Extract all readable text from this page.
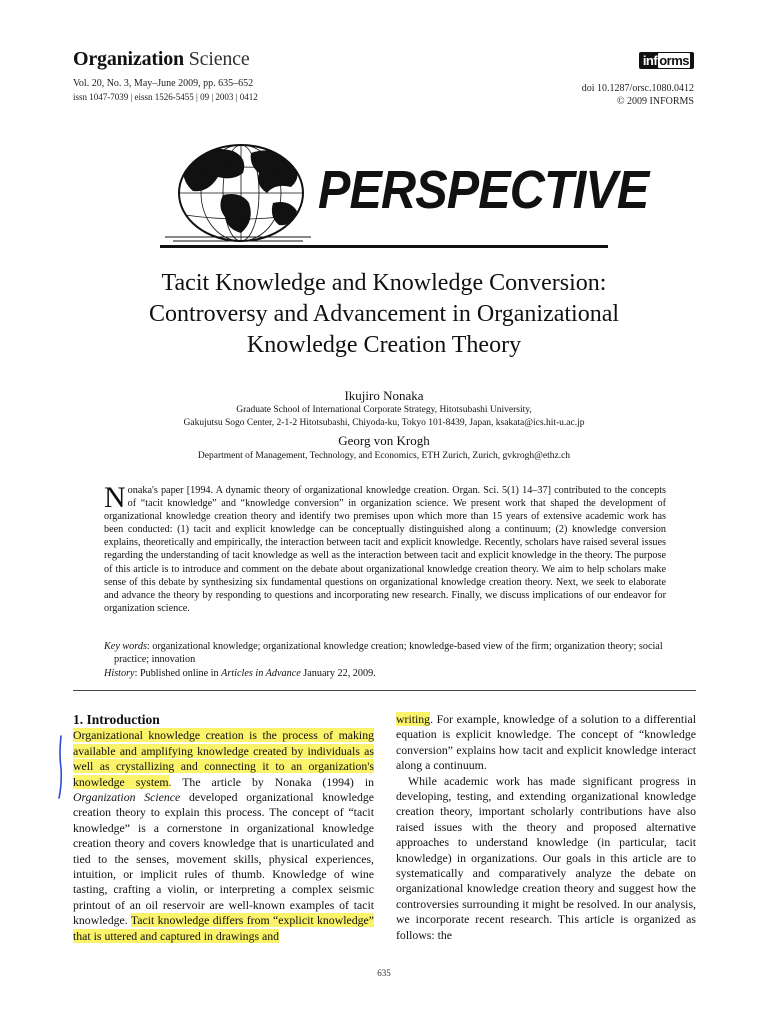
Organization Science
Vol. 20, No. 3, May–June 2009, pp. 635–652
issn 1047-7039 | eissn 1526-5455 | 09 | 2003 | 0412
inf orms
doi 10.1287/orsc.1080.0412
© 2009 INFORMS
PERSPECTIVE
Tacit Knowledge and Knowledge Conversion:
Controversy and Advancement in Organizational
Knowledge Creation Theory
Ikujiro Nonaka
Graduate School of International Corporate Strategy, Hitotsubashi University,
Gakujutsu Sogo Center, 2-1-2 Hitotsubashi, Chiyoda-ku, Tokyo 101-8439, Japan, ksakata@ics.hit-u.ac.jp
Georg von Krogh
Department of Management, Technology, and Economics, ETH Zurich, Zurich, gvkrogh@ethz.ch
Nonaka's paper [1994. A dynamic theory of organizational knowledge creation. Organ. Sci. 5(1) 14–37] contributed to the concepts of “tacit knowledge” and “knowledge conversion” in organization science. We present work that shaped the development of organizational knowledge creation theory and identify two premises upon which more than 15 years of extensive academic work has been conducted: (1) tacit and explicit knowledge can be conceptually distinguished along a continuum; (2) knowledge conversion explains, theoretically and empirically, the interaction between tacit and explicit knowledge. Recently, scholars have raised several issues regarding the understanding of tacit knowledge as well as the interaction between tacit and explicit knowledge in the theory. The purpose of this article is to introduce and comment on the debate about organizational knowledge creation theory. We aim to help scholars make sense of this debate by synthesizing six fundamental questions on organizational knowledge creation theory. Next, we seek to elaborate and advance the theory by responding to questions and incorporating new research. Finally, we discuss implications of our endeavor for organization science.
Key words: organizational knowledge; organizational knowledge creation; knowledge-based view of the firm; organization theory; social practice; innovation
History: Published online in Articles in Advance January 22, 2009.
1. Introduction

Organizational knowledge creation is the process of making available and amplifying knowledge created by individuals as well as crystallizing and connecting it to an organization's knowledge system. The article by Nonaka (1994) in Organization Science developed organizational knowledge creation theory to explain this process. The concept of “tacit knowledge” is a cornerstone in organizational knowledge creation theory and covers knowledge that is unarticulated and tied to the senses, movement skills, physical experiences, intuition, or implicit rules of thumb. Knowledge of wine tasting, crafting a violin, or interpreting a complex seismic printout of an oil reservoir are well-known examples of tacit knowledge. Tacit knowledge differs from “explicit knowledge” that is uttered and captured in drawings and

writing. For example, knowledge of a solution to a differential equation is explicit knowledge. The concept of “knowledge conversion” explains how tacit and explicit knowledge interact along a continuum.

While academic work has made significant progress in developing, testing, and extending organizational knowledge creation theory, important scholarly contributions have also raised issues with the theory and proposed alternative approaches to understand knowledge (in particular, tacit knowledge) in organizations. Our goals in this article are to systematically and comparatively analyze the debate on organizational knowledge creation theory and suggest how the controversies surrounding it might be resolved. In our analysis, we incorporate recent research. This article is organized as follows: the

635
